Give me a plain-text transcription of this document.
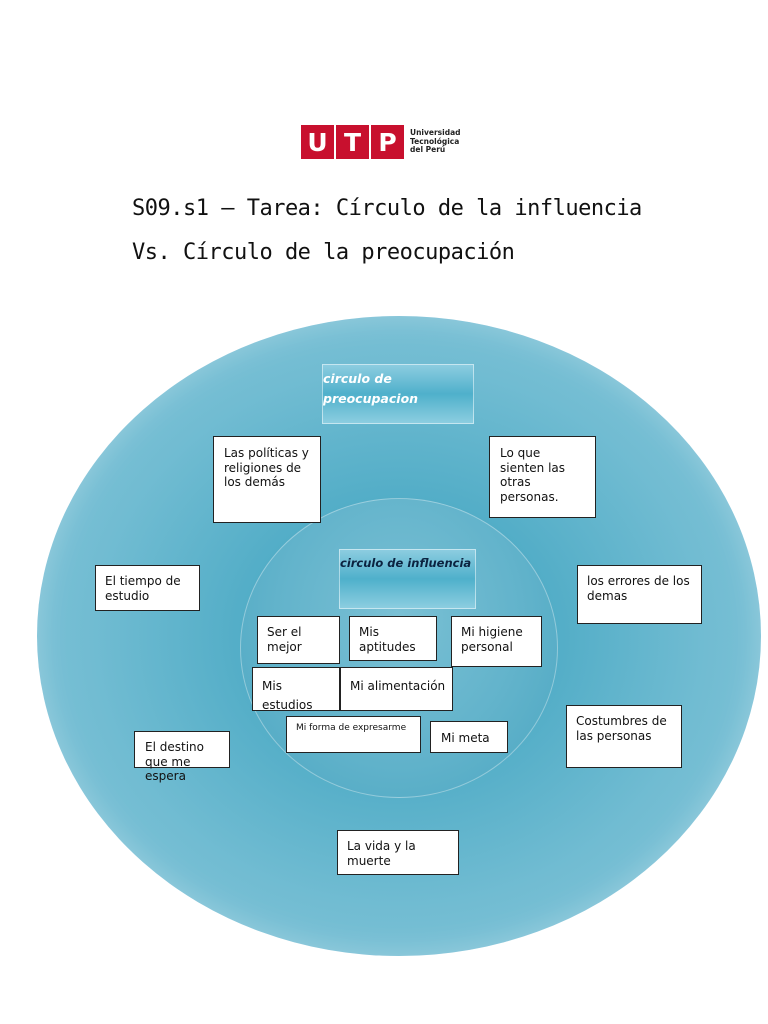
U T P	Universidad
Tecnológica
del Perú
S09.s1 – Tarea: Círculo de la influencia
Vs. Círculo de la preocupación
circulo de preocupacion
circulo de influencia
Las políticas y religiones de los demás
Lo que sienten las otras personas.
El tiempo de estudio
los errores de los demas
El destino que me espera
Costumbres de las personas
La vida y la muerte
Ser el mejor
Mis aptitudes
Mi higiene personal
Mis estudios
Mi alimentación
Mi forma de expresarme
Mi meta
